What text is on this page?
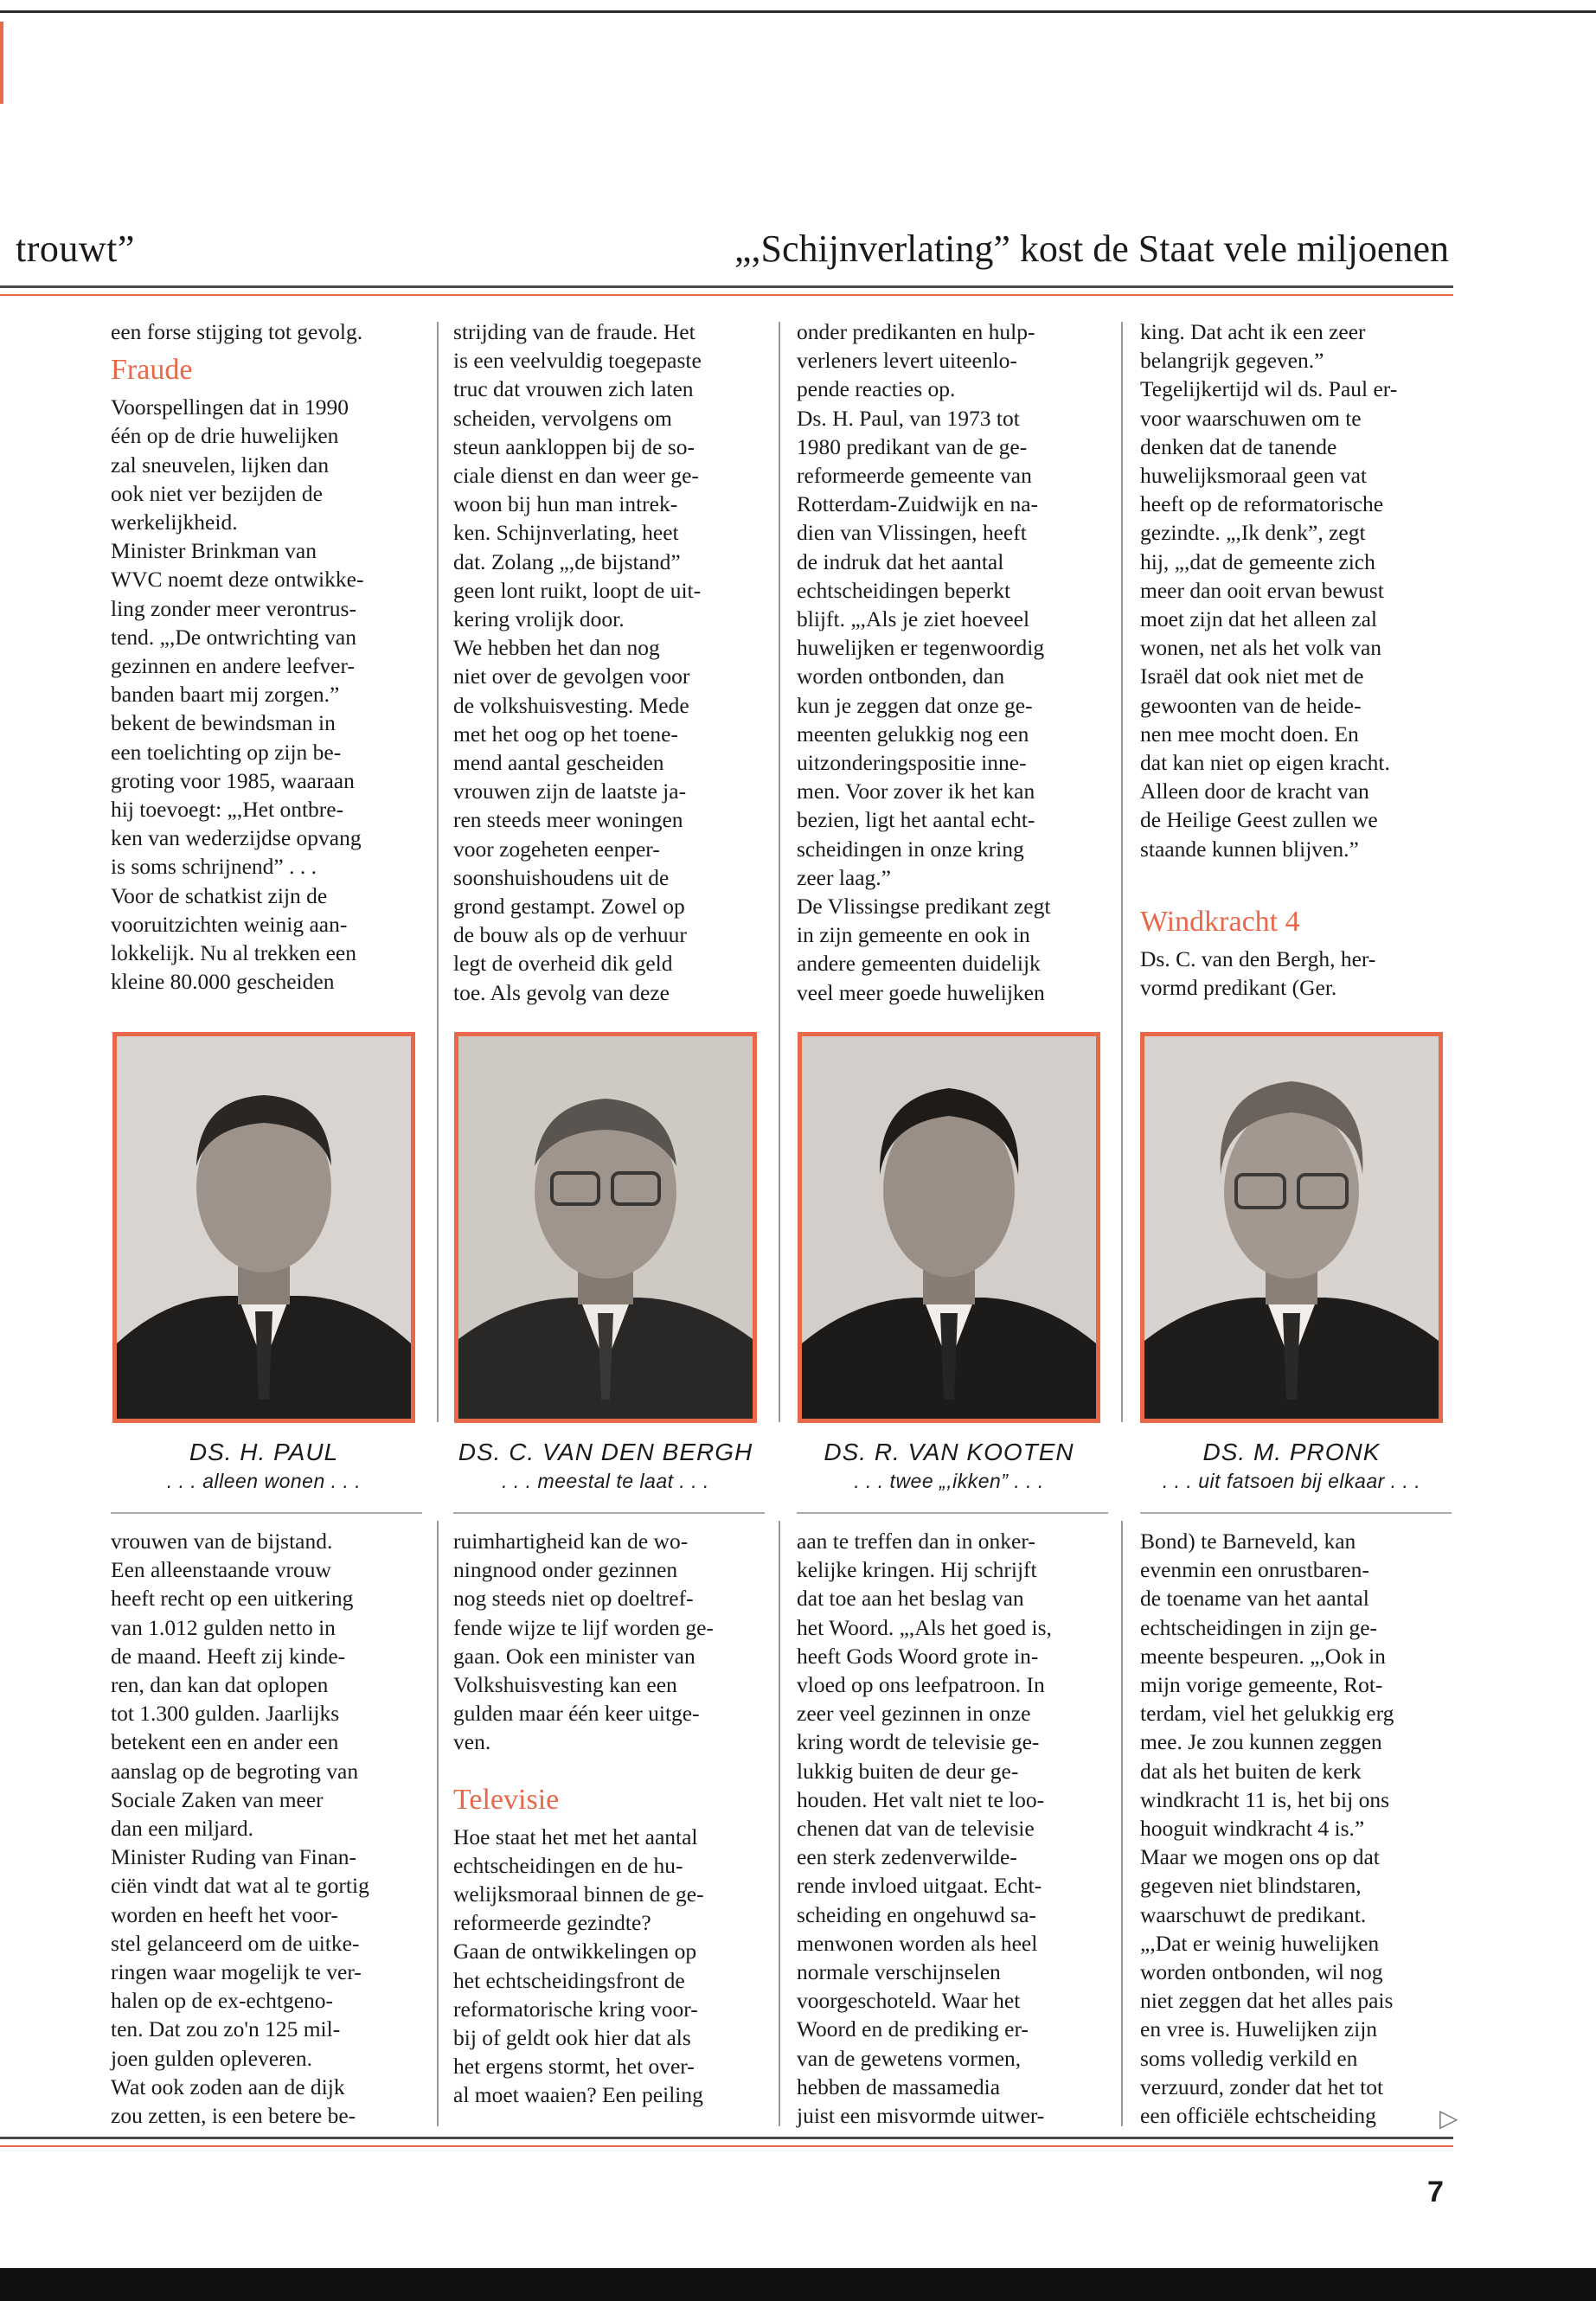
trouwt”	„,Schijnverlating” kost de Staat vele miljoenen

een forse stijging tot gevolg.

Fraude

Voorspellingen dat in 1990

één op de drie huwelijken

zal sneuvelen, lijken dan

ook niet ver bezijden de

werkelijkheid.

Minister Brinkman van

WVC noemt deze ontwikke-

ling zonder meer verontrus-

tend. „,De ontwrichting van

gezinnen en andere leefver-

banden baart mij zorgen.”

bekent de bewindsman in

een toelichting op zijn be-

groting voor 1985, waaraan

hij toevoegt: „,Het ontbre-

ken van wederzijdse opvang

is soms schrijnend” . . .

Voor de schatkist zijn de

vooruitzichten weinig aan-

lokkelijk. Nu al trekken een

kleine 80.000 gescheiden

strijding van de fraude. Het

is een veelvuldig toegepaste

truc dat vrouwen zich laten

scheiden, vervolgens om

steun aankloppen bij de so-

ciale dienst en dan weer ge-

woon bij hun man intrek-

ken. Schijnverlating, heet

dat. Zolang „,de bijstand”

geen lont ruikt, loopt de uit-

kering vrolijk door.

We hebben het dan nog

niet over de gevolgen voor

de volkshuisvesting. Mede

met het oog op het toene-

mend aantal gescheiden

vrouwen zijn de laatste ja-

ren steeds meer woningen

voor zogeheten eenper-

soonshuishoudens uit de

grond gestampt. Zowel op

de bouw als op de verhuur

legt de overheid dik geld

toe. Als gevolg van deze

onder predikanten en hulp-

verleners levert uiteenlo-

pende reacties op.

Ds. H. Paul, van 1973 tot

1980 predikant van de ge-

reformeerde gemeente van

Rotterdam-Zuidwijk en na-

dien van Vlissingen, heeft

de indruk dat het aantal

echtscheidingen beperkt

blijft. „,Als je ziet hoeveel

huwelijken er tegenwoordig

worden ontbonden, dan

kun je zeggen dat onze ge-

meenten gelukkig nog een

uitzonderingspositie inne-

men. Voor zover ik het kan

bezien, ligt het aantal echt-

scheidingen in onze kring

zeer laag.”

De Vlissingse predikant zegt

in zijn gemeente en ook in

andere gemeenten duidelijk

veel meer goede huwelijken

king. Dat acht ik een zeer

belangrijk gegeven.”

Tegelijkertijd wil ds. Paul er-

voor waarschuwen om te

denken dat de tanende

huwelijksmoraal geen vat

heeft op de reformatorische

gezindte. „,Ik denk”, zegt

hij, „,dat de gemeente zich

meer dan ooit ervan bewust

moet zijn dat het alleen zal

wonen, net als het volk van

Israël dat ook niet met de

gewoonten van de heide-

nen mee mocht doen. En

dat kan niet op eigen kracht.

Alleen door de kracht van

de Heilige Geest zullen we

staande kunnen blijven.”

Windkracht 4

Ds. C. van den Bergh, her-

vormd predikant (Ger.

DS. H. PAUL
. . . alleen wonen . . .
DS. C. VAN DEN BERGH
. . . meestal te laat . . .
DS. R. VAN KOOTEN
. . . twee „,ikken” . . .
DS. M. PRONK
. . . uit fatsoen bij elkaar . . .

vrouwen van de bijstand.

Een alleenstaande vrouw

heeft recht op een uitkering

van 1.012 gulden netto in

de maand. Heeft zij kinde-

ren, dan kan dat oplopen

tot 1.300 gulden. Jaarlijks

betekent een en ander een

aanslag op de begroting van

Sociale Zaken van meer

dan een miljard.

Minister Ruding van Finan-

ciën vindt dat wat al te gortig

worden en heeft het voor-

stel gelanceerd om de uitke-

ringen waar mogelijk te ver-

halen op de ex-echtgeno-

ten. Dat zou zo'n 125 mil-

joen gulden opleveren.

Wat ook zoden aan de dijk

zou zetten, is een betere be-

ruimhartigheid kan de wo-

ningnood onder gezinnen

nog steeds niet op doeltref-

fende wijze te lijf worden ge-

gaan. Ook een minister van

Volkshuisvesting kan een

gulden maar één keer uitge-

ven.

Televisie

Hoe staat het met het aantal

echtscheidingen en de hu-

welijksmoraal binnen de ge-

reformeerde gezindte?

Gaan de ontwikkelingen op

het echtscheidingsfront de

reformatorische kring voor-

bij of geldt ook hier dat als

het ergens stormt, het over-

al moet waaien? Een peiling

aan te treffen dan in onker-

kelijke kringen. Hij schrijft

dat toe aan het beslag van

het Woord. „,Als het goed is,

heeft Gods Woord grote in-

vloed op ons leefpatroon. In

zeer veel gezinnen in onze

kring wordt de televisie ge-

lukkig buiten de deur ge-

houden. Het valt niet te loo-

chenen dat van de televisie

een sterk zedenverwilde-

rende invloed uitgaat. Echt-

scheiding en ongehuwd sa-

menwonen worden als heel

normale verschijnselen

voorgeschoteld. Waar het

Woord en de prediking er-

van de gewetens vormen,

hebben de massamedia

juist een misvormde uitwer-

Bond) te Barneveld, kan

evenmin een onrustbaren-

de toename van het aantal

echtscheidingen in zijn ge-

meente bespeuren. „,Ook in

mijn vorige gemeente, Rot-

terdam, viel het gelukkig erg

mee. Je zou kunnen zeggen

dat als het buiten de kerk

windkracht 11 is, het bij ons

hooguit windkracht 4 is.”

Maar we mogen ons op dat

gegeven niet blindstaren,

waarschuwt de predikant.

„,Dat er weinig huwelijken

worden ontbonden, wil nog

niet zeggen dat het alles pais

en vree is. Huwelijken zijn

soms volledig verkild en

verzuurd, zonder dat het tot

een officiële echtscheiding	▷
7
